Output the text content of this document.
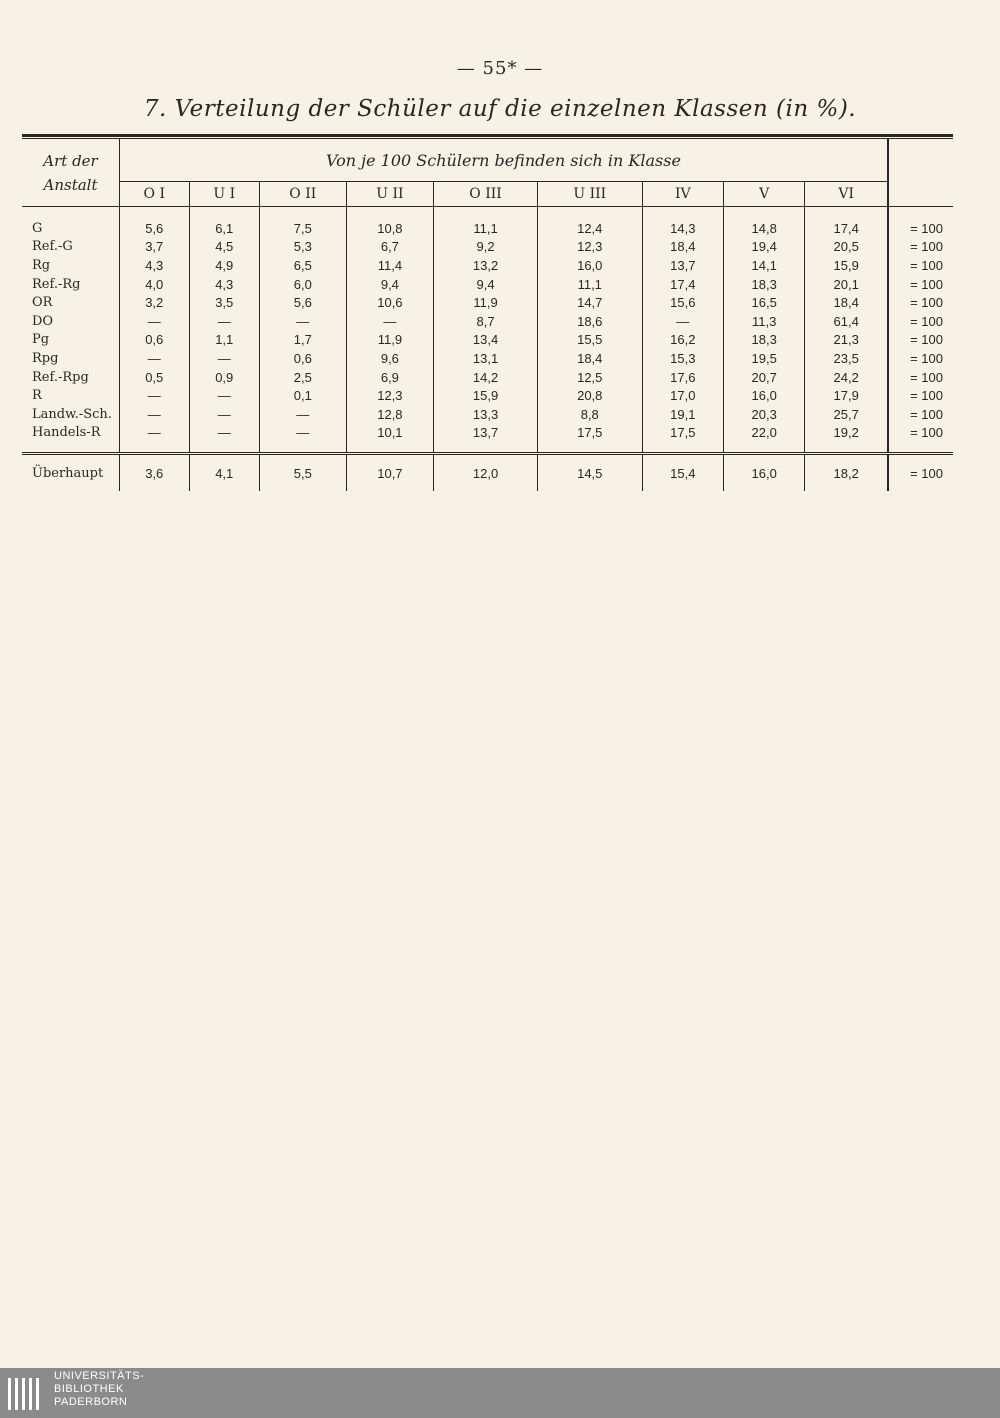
— 55* —
7. Verteilung der Schüler auf die einzelnen Klassen (in %).
Art der Anstalt	Von je 100 Schülern befinden sich in Klasse									
	O I	U I	O II	U II	O III	U III	IV	V	VI	
G	5,6	6,1	7,5	10,8	11,1	12,4	14,3	14,8	17,4	= 100
Ref.-G	3,7	4,5	5,3	6,7	9,2	12,3	18,4	19,4	20,5	= 100
Rg	4,3	4,9	6,5	11,4	13,2	16,0	13,7	14,1	15,9	= 100
Ref.-Rg	4,0	4,3	6,0	9,4	9,4	11,1	17,4	18,3	20,1	= 100
OR	3,2	3,5	5,6	10,6	11,9	14,7	15,6	16,5	18,4	= 100
DO	—	—	—	—	8,7	18,6	—	11,3	61,4	= 100
Pg	0,6	1,1	1,7	11,9	13,4	15,5	16,2	18,3	21,3	= 100
Rpg	—	—	0,6	9,6	13,1	18,4	15,3	19,5	23,5	= 100
Ref.-Rpg	0,5	0,9	2,5	6,9	14,2	12,5	17,6	20,7	24,2	= 100
R	—	—	0,1	12,3	15,9	20,8	17,0	16,0	17,9	= 100
Landw.-Sch.	—	—	—	12,8	13,3	8,8	19,1	20,3	25,7	= 100
Handels-R	—	—	—	10,1	13,7	17,5	17,5	22,0	19,2	= 100

Überhaupt	3,6	4,1	5,5	10,7	12,0	14,5	15,4	16,0	18,2	= 100
UNIVERSITÄTS-
BIBLIOTHEK
PADERBORN
